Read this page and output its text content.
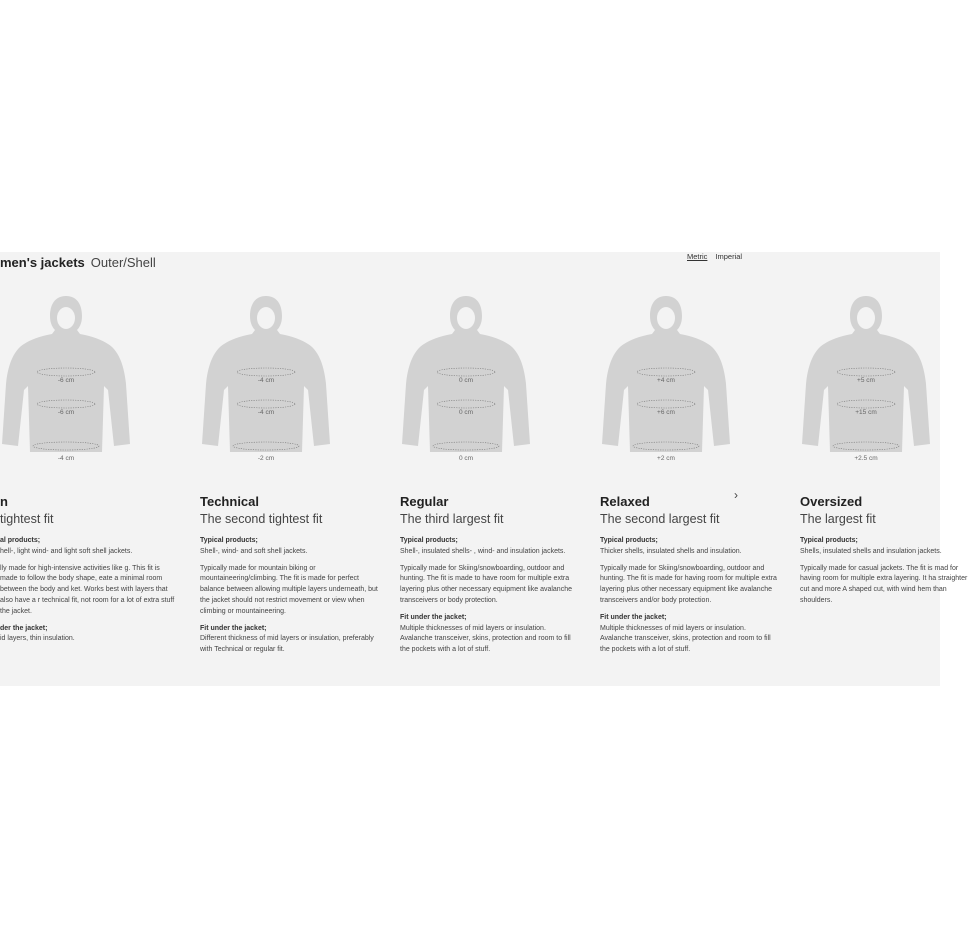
men's jackets Outer/Shell	Metric Imperial
-6 cm
-6 cm
-4 cm
n
tightest fit

al products;
hell-, light wind- and light soft shell jackets.

lly made for high-intensive activities like g. This fit is made to follow the body shape, eate a minimal room between the body and ket. Works best with layers that also have a r technical fit, not room for a lot of extra stuff the jacket.

der the jacket;
id layers, thin insulation.

-4 cm
-4 cm
-2 cm
Technical
The second tightest fit

Typical products;
Shell-, wind- and soft shell jackets.

Typically made for mountain biking or mountaineering/climbing. The fit is made for perfect balance between allowing multiple layers underneath, but the jacket should not restrict movement or view when climbing or mountaineering.

Fit under the jacket;
Different thickness of mid layers or insulation, preferably with Technical or regular fit.

0 cm
0 cm
0 cm
Regular
The third largest fit

Typical products;
Shell-, insulated shells- , wind- and insulation jackets.

Typically made for Skiing/snowboarding, outdoor and hunting. The fit is made to have room for multiple extra layering plus other necessary equipment like avalanche transceivers or body protection.

Fit under the jacket;
Multiple thicknesses of mid layers or insulation. Avalanche transceiver, skins, protection and room to fill the pockets with a lot of stuff.

+4 cm
+6 cm
+2 cm
Relaxed
The second largest fit

Typical products;
Thicker shells, insulated shells and insulation.

Typically made for Skiing/snowboarding, outdoor and hunting. The fit is made for having room for multiple extra layering plus other necessary equipment like avalanche transceivers and/or body protection.

Fit under the jacket;
Multiple thicknesses of mid layers or insulation. Avalanche transceiver, skins, protection and room to fill the pockets with a lot of stuff.

+5 cm
+15 cm
+2.5 cm
Oversized
The largest fit

Typical products;
Shells, insulated shells and insulation jackets.

Typically made for casual jackets. The fit is mad for having room for multiple extra layering. It ha straighter cut and more A shaped cut, with wind hem than shoulders.

›
